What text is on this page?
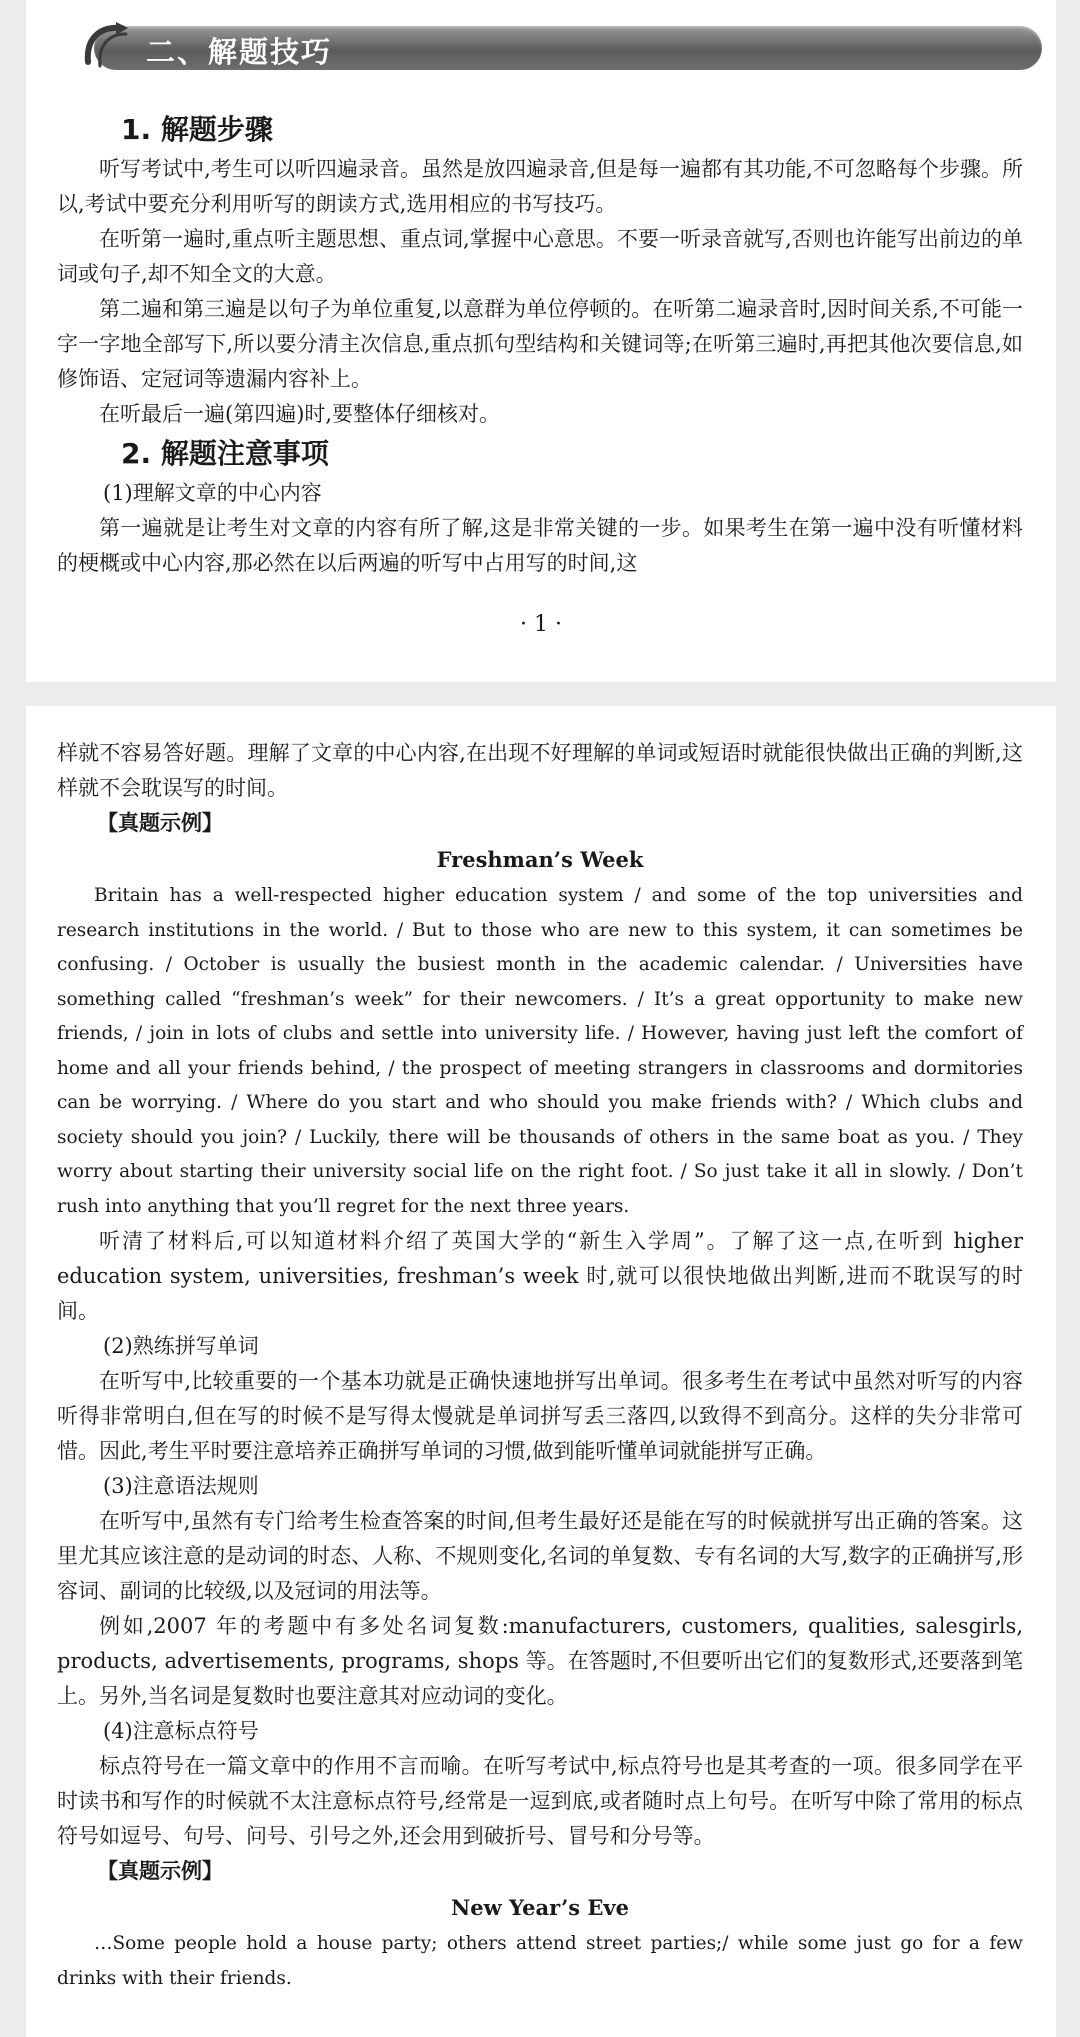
二、解题技巧

1. 解题步骤

听写考试中,考生可以听四遍录音。虽然是放四遍录音,但是每一遍都有其功能,不可忽略每个步骤。所以,考试中要充分利用听写的朗读方式,选用相应的书写技巧。

在听第一遍时,重点听主题思想、重点词,掌握中心意思。不要一听录音就写,否则也许能写出前边的单词或句子,却不知全文的大意。

第二遍和第三遍是以句子为单位重复,以意群为单位停顿的。在听第二遍录音时,因时间关系,不可能一字一字地全部写下,所以要分清主次信息,重点抓句型结构和关键词等;在听第三遍时,再把其他次要信息,如修饰语、定冠词等遗漏内容补上。

在听最后一遍(第四遍)时,要整体仔细核对。

2. 解题注意事项

(1)理解文章的中心内容

第一遍就是让考生对文章的内容有所了解,这是非常关键的一步。如果考生在第一遍中没有听懂材料的梗概或中心内容,那必然在以后两遍的听写中占用写的时间,这

· 1 ·

样就不容易答好题。理解了文章的中心内容,在出现不好理解的单词或短语时就能很快做出正确的判断,这样就不会耽误写的时间。

【真题示例】

Freshman’s Week

Britain has a well-respected higher education system / and some of the top universities and research institutions in the world. / But to those who are new to this system, it can sometimes be confusing. / October is usually the busiest month in the academic calendar. / Universities have something called “freshman’s week” for their newcomers. / It’s a great opportunity to make new friends, / join in lots of clubs and settle into university life. / However, having just left the comfort of home and all your friends behind, / the prospect of meeting strangers in classrooms and dormitories can be worrying. / Where do you start and who should you make friends with? / Which clubs and society should you join? / Luckily, there will be thousands of others in the same boat as you. / They worry about starting their university social life on the right foot. / So just take it all in slowly. / Don’t rush into anything that you’ll regret for the next three years.

听清了材料后,可以知道材料介绍了英国大学的“新生入学周”。了解了这一点,在听到 higher education system, universities, freshman’s week 时,就可以很快地做出判断,进而不耽误写的时间。

(2)熟练拼写单词

在听写中,比较重要的一个基本功就是正确快速地拼写出单词。很多考生在考试中虽然对听写的内容听得非常明白,但在写的时候不是写得太慢就是单词拼写丢三落四,以致得不到高分。这样的失分非常可惜。因此,考生平时要注意培养正确拼写单词的习惯,做到能听懂单词就能拼写正确。

(3)注意语法规则

在听写中,虽然有专门给考生检查答案的时间,但考生最好还是能在写的时候就拼写出正确的答案。这里尤其应该注意的是动词的时态、人称、不规则变化,名词的单复数、专有名词的大写,数字的正确拼写,形容词、副词的比较级,以及冠词的用法等。

例如,2007 年的考题中有多处名词复数:manufacturers, customers, qualities, salesgirls, products, advertisements, programs, shops 等。在答题时,不但要听出它们的复数形式,还要落到笔上。另外,当名词是复数时也要注意其对应动词的变化。

(4)注意标点符号

标点符号在一篇文章中的作用不言而喻。在听写考试中,标点符号也是其考查的一项。很多同学在平时读书和写作的时候就不太注意标点符号,经常是一逗到底,或者随时点上句号。在听写中除了常用的标点符号如逗号、句号、问号、引号之外,还会用到破折号、冒号和分号等。

【真题示例】

New Year’s Eve

…Some people hold a house party; others attend street parties;/ while some just go for a few drinks with their friends.
